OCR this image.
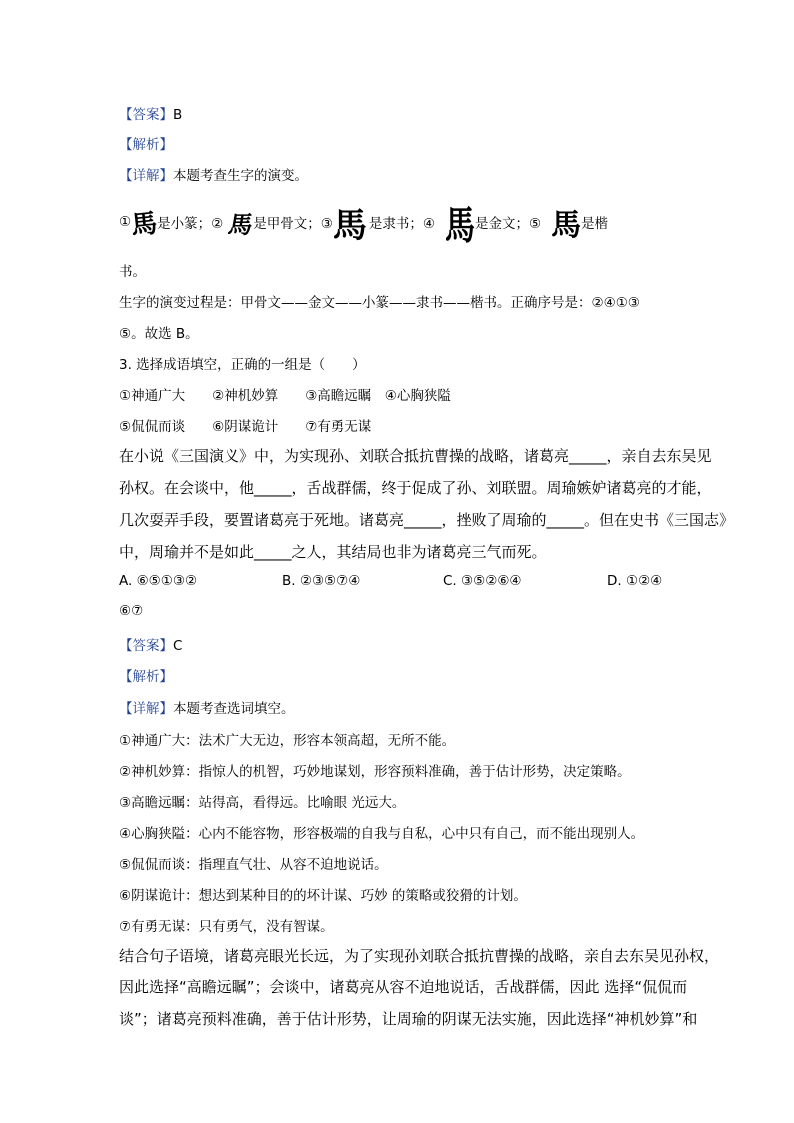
【答案】B
【解析】
【详解】本题考查生字的演变。
①
馬
是小篆；② 馬
是甲骨文；③ 馬 是隶书；④ 馬 是金文；⑤ 馬 是楷
书。
生字的演变过程是：甲骨文——金文——小篆——隶书——楷书。正确序号是：②④①③
⑤。故选 B。
3. 选择成语填空，正确的一组是（　　）
①神通广大　　②神机妙算　　③高瞻远瞩　④心胸狭隘
⑤侃侃而谈　　⑥阴谋诡计　　⑦有勇无谋
在小说《三国演义》中，为实现孙、刘联合抵抗曹操的战略，诸葛亮_____，亲自去东吴见
孙权。在会谈中，他_____，舌战群儒，终于促成了孙、刘联盟。周瑜嫉妒诸葛亮的才能，
几次耍弄手段，要置诸葛亮于死地。诸葛亮_____，挫败了周瑜的_____。但在史书《三国志》
中，周瑜并不是如此_____之人，其结局也非为诸葛亮三气而死。
A. ⑥⑤①③②	B. ②③⑤⑦④	C. ③⑤②⑥④	D. ①②④
⑥⑦
【答案】C
【解析】
【详解】本题考查选词填空。
①神通广大：法术广大无边，形容本领高超，无所不能。
②神机妙算：指惊人的机智，巧妙地谋划，形容预料准确，善于估计形势，决定策略。
③高瞻远瞩：站得高，看得远。比喻眼 光远大。
④心胸狭隘：心内不能容物，形容极端的自我与自私，心中只有自己，而不能出现别人。
⑤侃侃而谈：指理直气壮、从容不迫地说话。
⑥阴谋诡计：想达到某种目的的坏计谋、巧妙 的策略或狡猾的计划。
⑦有勇无谋：只有勇气，没有智谋。
结合句子语境，诸葛亮眼光长远，为了实现孙刘联合抵抗曹操的战略，亲自去东吴见孙权，
因此选择“高瞻远瞩”；会谈中，诸葛亮从容不迫地说话，舌战群儒，因此 选择“侃侃而
谈”；诸葛亮预料准确，善于估计形势，让周瑜的阴谋无法实施，因此选择“神机妙算”和
